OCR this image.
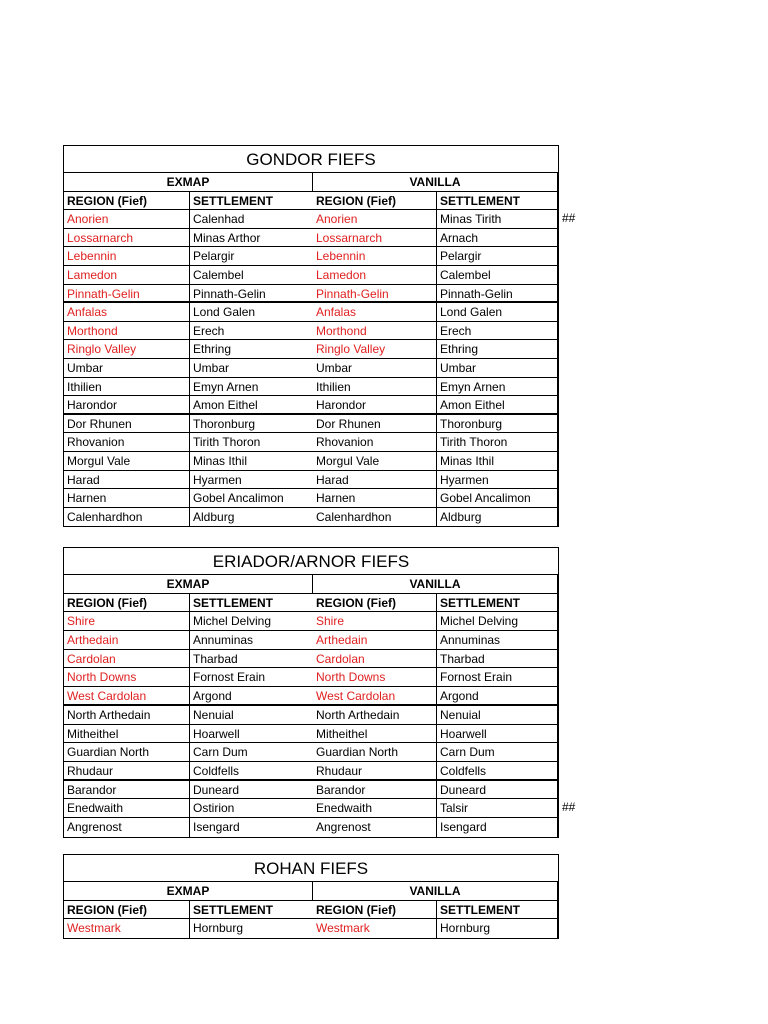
GONDOR FIEFS
EXMAP	VANILLA
REGION (Fief)	SETTLEMENT	REGION (Fief)	SETTLEMENT
Anorien	Calenhad	Anorien	Minas Tirith
Lossarnarch	Minas Arthor	Lossarnarch	Arnach
Lebennin	Pelargir	Lebennin	Pelargir
Lamedon	Calembel	Lamedon	Calembel
Pinnath-Gelin	Pinnath-Gelin	Pinnath-Gelin	Pinnath-Gelin
Anfalas	Lond Galen	Anfalas	Lond Galen
Morthond	Erech	Morthond	Erech
Ringlo Valley	Ethring	Ringlo Valley	Ethring
Umbar	Umbar	Umbar	Umbar
Ithilien	Emyn Arnen	Ithilien	Emyn Arnen
Harondor	Amon Eithel	Harondor	Amon Eithel
Dor Rhunen	Thoronburg	Dor Rhunen	Thoronburg
Rhovanion	Tirith Thoron	Rhovanion	Tirith Thoron
Morgul Vale	Minas Ithil	Morgul Vale	Minas Ithil
Harad	Hyarmen	Harad	Hyarmen
Harnen	Gobel Ancalimon	Harnen	Gobel Ancalimon
Calenhardhon	Aldburg	Calenhardhon	Aldburg
ERIADOR/ARNOR FIEFS
EXMAP	VANILLA
REGION (Fief)	SETTLEMENT	REGION (Fief)	SETTLEMENT
Shire	Michel Delving	Shire	Michel Delving
Arthedain	Annuminas	Arthedain	Annuminas
Cardolan	Tharbad	Cardolan	Tharbad
North Downs	Fornost Erain	North Downs	Fornost Erain
West Cardolan	Argond	West Cardolan	Argond
North Arthedain	Nenuial	North Arthedain	Nenuial
Mitheithel	Hoarwell	Mitheithel	Hoarwell
Guardian North	Carn Dum	Guardian North	Carn Dum
Rhudaur	Coldfells	Rhudaur	Coldfells
Barandor	Duneard	Barandor	Duneard
Enedwaith	Ostirion	Enedwaith	Talsir
Angrenost	Isengard	Angrenost	Isengard
ROHAN FIEFS
EXMAP	VANILLA
REGION (Fief)	SETTLEMENT	REGION (Fief)	SETTLEMENT
Westmark	Hornburg	Westmark	Hornburg
##
##
